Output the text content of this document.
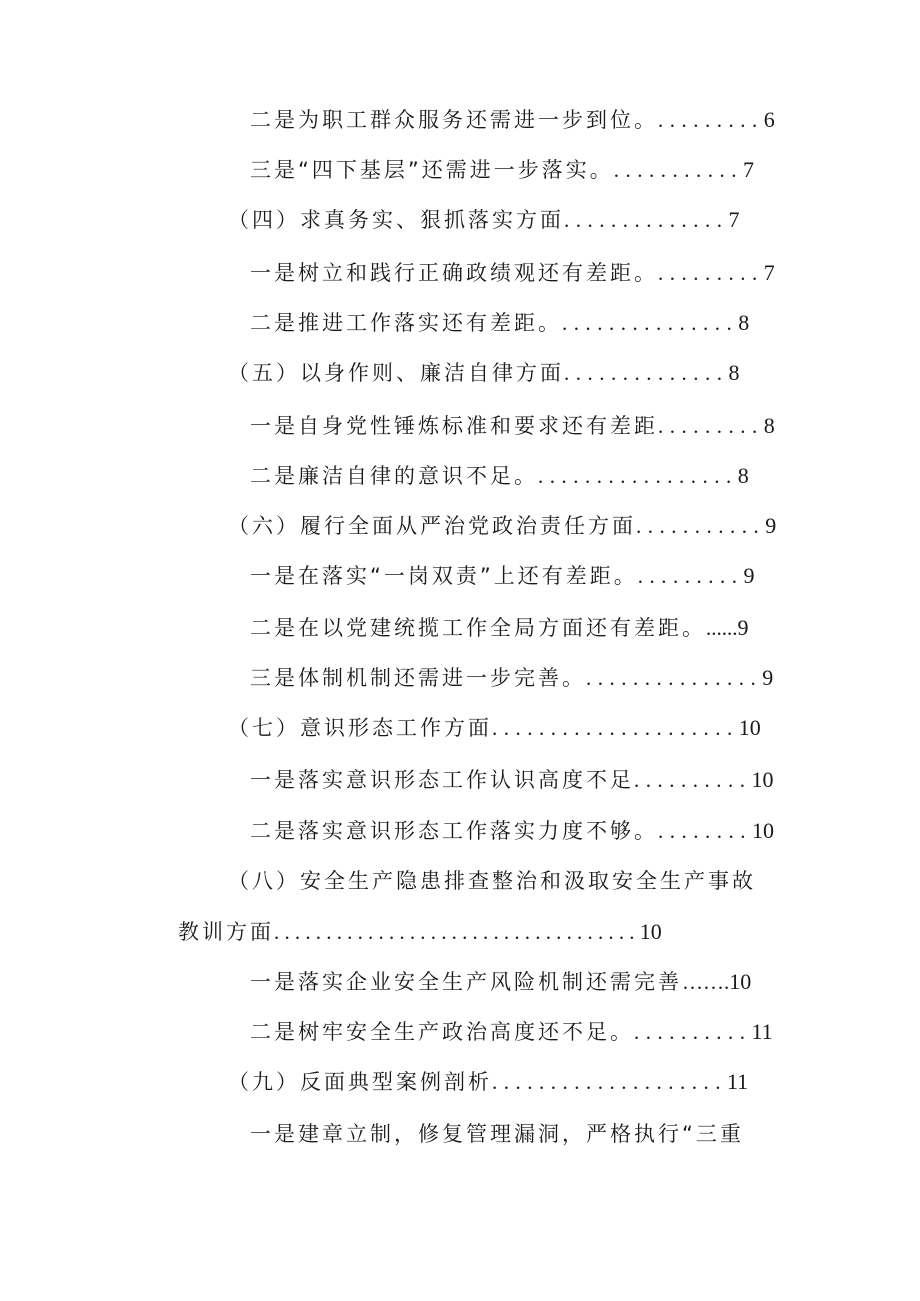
二是为职工群众服务还需进一步到位。 ......... 6
三是“四下基层”还需进一步落实。 ........... 7
（四）求真务实、狠抓落实方面 .............. 7
一是树立和践行正确政绩观还有差距。 ......... 7
二是推进工作落实还有差距。 ............... 8
（五）以身作则、廉洁自律方面 .............. 8
一是自身党性锤炼标准和要求还有差距 ......... 8
二是廉洁自律的意识不足。 ................. 8
（六）履行全面从严治党政治责任方面 ........... 9
一是在落实“一岗双责”上还有差距。 ......... 9
二是在以党建统揽工作全局方面还有差距。 ...... 9
三是体制机制还需进一步完善。 ............... 9
（七）意识形态工作方面 ..................... 10
一是落实意识形态工作认识高度不足 .......... 10
二是落实意识形态工作落实力度不够。 ........ 10
（八）安全生产隐患排查整治和汲取安全生产事故
教训方面 ................................... 10
一是落实企业安全生产风险机制还需完善 ……. 10
二是树牢安全生产政治高度还不足。 .......... 11
（九）反面典型案例剖析 .................... 11
一是建章立制，修复管理漏洞，严格执行“三重
